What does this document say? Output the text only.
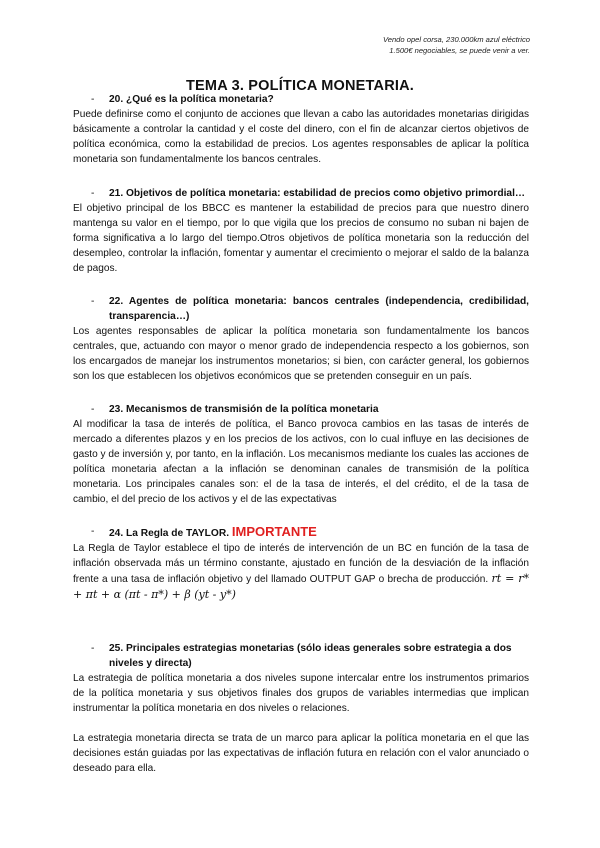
Vendo opel corsa, 230.000km azul eléctrico
1.500€ negociables, se puede venir a ver.
TEMA 3. POLÍTICA MONETARIA.
- 20. ¿Qué es la política monetaria?
Puede definirse como el conjunto de acciones que llevan a cabo las autoridades monetarias dirigidas básicamente a controlar la cantidad y el coste del dinero, con el fin de alcanzar ciertos objetivos de política económica, como la estabilidad de precios. Los agentes responsables de aplicar la política monetaria son fundamentalmente los bancos centrales.
- 21. Objetivos de política monetaria: estabilidad de precios como objetivo primordial…
El objetivo principal de los BBCC es mantener la estabilidad de precios para que nuestro dinero mantenga su valor en el tiempo, por lo que vigila que los precios de consumo no suban ni bajen de forma significativa a lo largo del tiempo.Otros objetivos de política monetaria son la reducción del desempleo, controlar la inflación, fomentar y aumentar el crecimiento o mejorar el saldo de la balanza de pagos.
- 22. Agentes de política monetaria: bancos centrales (independencia, credibilidad, transparencia…)
Los agentes responsables de aplicar la política monetaria son fundamentalmente los bancos centrales, que, actuando con mayor o menor grado de independencia respecto a los gobiernos, son los encargados de manejar los instrumentos monetarios; si bien, con carácter general, los gobiernos son los que establecen los objetivos económicos que se pretenden conseguir en un país.
- 23. Mecanismos de transmisión de la política monetaria
Al modificar la tasa de interés de política, el Banco provoca cambios en las tasas de interés de mercado a diferentes plazos y en los precios de los activos, con lo cual influye en las decisiones de gasto y de inversión y, por tanto, en la inflación. Los mecanismos mediante los cuales las acciones de política monetaria afectan a la inflación se denominan canales de transmisión de la política monetaria. Los principales canales son: el de la tasa de interés, el del crédito, el de la tasa de cambio, el del precio de los activos y el de las expectativas
- 24. La Regla de TAYLOR. IMPORTANTE
La Regla de Taylor establece el tipo de interés de intervención de un BC en función de la tasa de inflación observada más un término constante, ajustado en función de la desviación de la inflación frente a una tasa de inflación objetivo y del llamado OUTPUT GAP o brecha de producción. rt = r* + πt + α (πt - π*) + β (yt - y*)
- 25. Principales estrategias monetarias (sólo ideas generales sobre estrategia a dos niveles y directa)
La estrategia de política monetaria a dos niveles supone intercalar entre los instrumentos primarios de la política monetaria y sus objetivos finales dos grupos de variables intermedias que implican instrumentar la política monetaria en dos niveles o relaciones.
La estrategia monetaria directa se trata de un marco para aplicar la política monetaria en el que las decisiones están guiadas por las expectativas de inflación futura en relación con el valor anunciado o deseado para ella.
